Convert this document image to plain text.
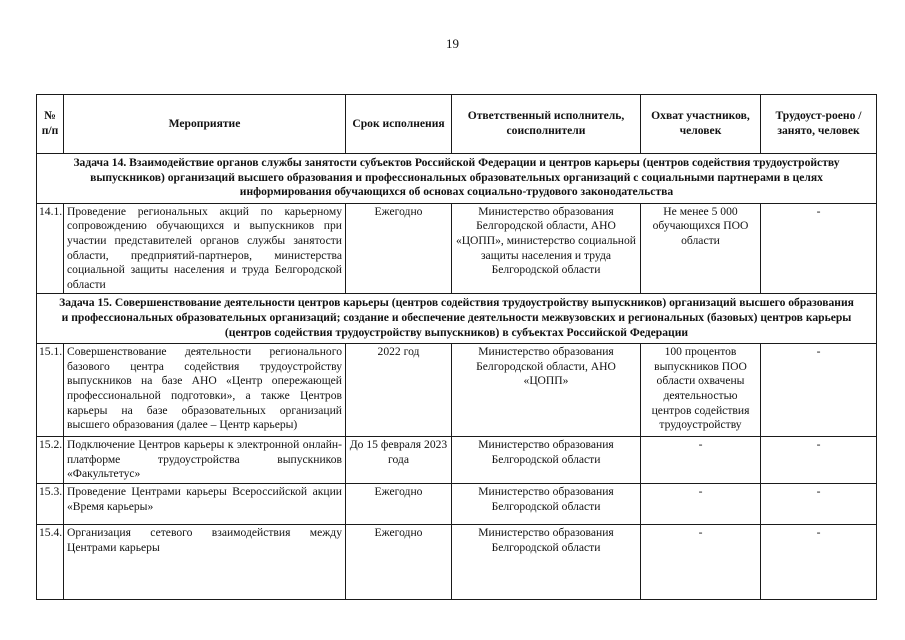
19
№ п/п	Мероприятие	Срок исполнения	Ответственный исполнитель, соисполнители	Охват участников, человек	Трудоуст-роено / занято, человек
Задача 14. Взаимодействие органов службы занятости субъектов Российской Федерации и центров карьеры (центров содействия трудоустройству выпускников) организаций высшего образования и профессиональных образовательных организаций с социальными партнерами в целях информирования обучающихся об основах социально-трудового законодательства					
14.1.	Проведение региональных акций по карьерному сопровождению обучающихся и выпускников при участии представителей органов службы занятости области, предприятий-партнеров, министерства социальной защиты населения и труда Белгородской области	Ежегодно	Министерство образования Белгородской области, АНО «ЦОПП», министерство социальной защиты населения и труда Белгородской области	Не менее 5 000 обучающихся ПОО области	-
Задача 15. Совершенствование деятельности центров карьеры (центров содействия трудоустройству выпускников) организаций высшего образования и профессиональных образовательных организаций; создание и обеспечение деятельности межвузовских и региональных (базовых) центров карьеры (центров содействия трудоустройству выпускников) в субъектах Российской Федерации					
15.1.	Совершенствование деятельности регионального базового центра содействия трудоустройству выпускников на базе АНО «Центр опережающей профессиональной подготовки», а также Центров карьеры на базе образовательных организаций высшего образования (далее – Центр карьеры)	2022 год	Министерство образования Белгородской области, АНО «ЦОПП»	100 процентов выпускников ПОО области охвачены деятельностью центров содействия трудоустройству	-
15.2.	Подключение Центров карьеры к электронной онлайн-платформе трудоустройства выпускников «Факультетус»	До 15 февраля 2023 года	Министерство образования Белгородской области	-	-
15.3.	Проведение Центрами карьеры Всероссийской акции «Время карьеры»	Ежегодно	Министерство образования Белгородской области	-	-
15.4.	Организация сетевого взаимодействия между Центрами карьеры	Ежегодно	Министерство образования Белгородской области	-	-
